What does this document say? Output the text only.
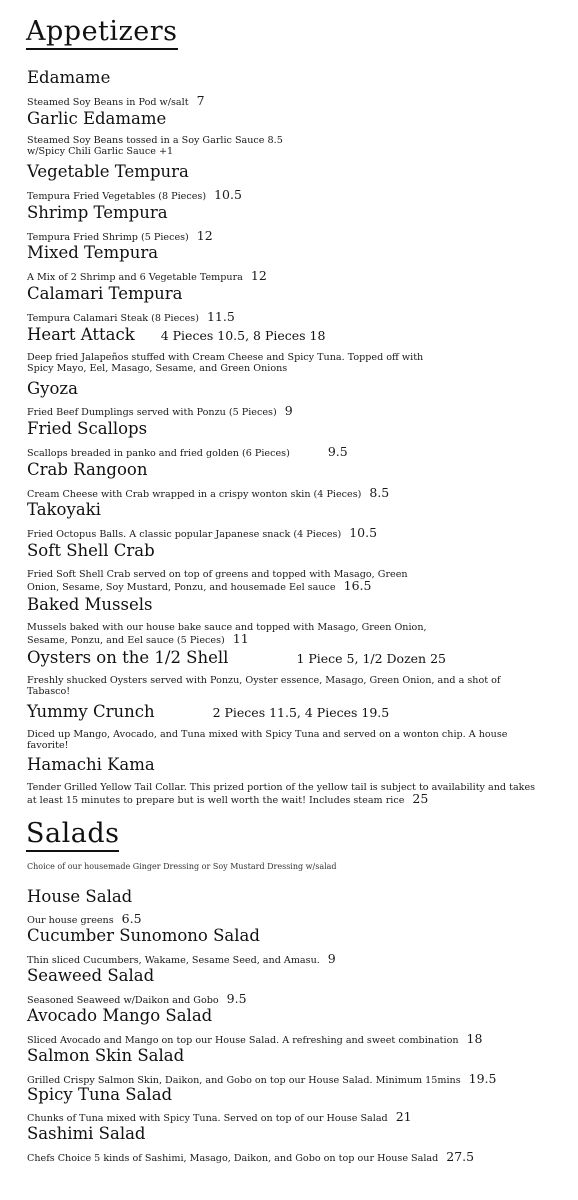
Appetizers
Edamame
Steamed Soy Beans in Pod w/salt 7
Garlic Edamame
Steamed Soy Beans tossed in a Soy Garlic Sauce 8.5
w/Spicy Chili Garlic Sauce +1
Vegetable Tempura
Tempura Fried Vegetables (8 Pieces) 10.5
Shrimp Tempura
Tempura Fried Shrimp (5 Pieces) 12
Mixed Tempura
A Mix of 2 Shrimp and 6 Vegetable Tempura 12
Calamari Tempura
Tempura Calamari Steak (8 Pieces) 11.5
Heart Attack 4 Pieces 10.5, 8 Pieces 18
Deep fried Jalapeños stuffed with Cream Cheese and Spicy Tuna. Topped off with Spicy Mayo, Eel, Masago, Sesame, and Green Onions
Gyoza
Fried Beef Dumplings served with Ponzu (5 Pieces) 9
Fried Scallops
Scallops breaded in panko and fried golden (6 Pieces)	9.5
Crab Rangoon
Cream Cheese with Crab wrapped in a crispy wonton skin (4 Pieces) 8.5
Takoyaki
Fried Octopus Balls. A classic popular Japanese snack (4 Pieces) 10.5
Soft Shell Crab
Fried Soft Shell Crab served on top of greens and topped with Masago, Green Onion, Sesame, Soy Mustard, Ponzu, and housemade Eel sauce 16.5
Baked Mussels
Mussels baked with our house bake sauce and topped with Masago, Green Onion, Sesame, Ponzu, and Eel sauce (5 Pieces) 11
Oysters on the 1/2 Shell	1 Piece 5, 1/2 Dozen 25
Freshly shucked Oysters served with Ponzu, Oyster essence, Masago, Green Onion, and a shot of Tabasco!
Yummy Crunch	2 Pieces 11.5, 4 Pieces 19.5
Diced up Mango, Avocado, and Tuna mixed with Spicy Tuna and served on a wonton chip. A house favorite!
Hamachi Kama
Tender Grilled Yellow Tail Collar. This prized portion of the yellow tail is subject to availability and takes at least 15 minutes to prepare but is well worth the wait! Includes steam rice 25
Salads
Choice of our housemade Ginger Dressing or Soy Mustard Dressing w/salad
House Salad
Our house greens 6.5
Cucumber Sunomono Salad
Thin sliced Cucumbers, Wakame, Sesame Seed, and Amasu. 9
Seaweed Salad
Seasoned Seaweed w/Daikon and Gobo 9.5
Avocado Mango Salad
Sliced Avocado and Mango on top our House Salad. A refreshing and sweet combination 18
Salmon Skin Salad
Grilled Crispy Salmon Skin, Daikon, and Gobo on top our House Salad. Minimum 15mins 19.5
Spicy Tuna Salad
Chunks of Tuna mixed with Spicy Tuna. Served on top of our House Salad 21
Sashimi Salad
Chefs Choice 5 kinds of Sashimi, Masago, Daikon, and Gobo on top our House Salad 27.5
